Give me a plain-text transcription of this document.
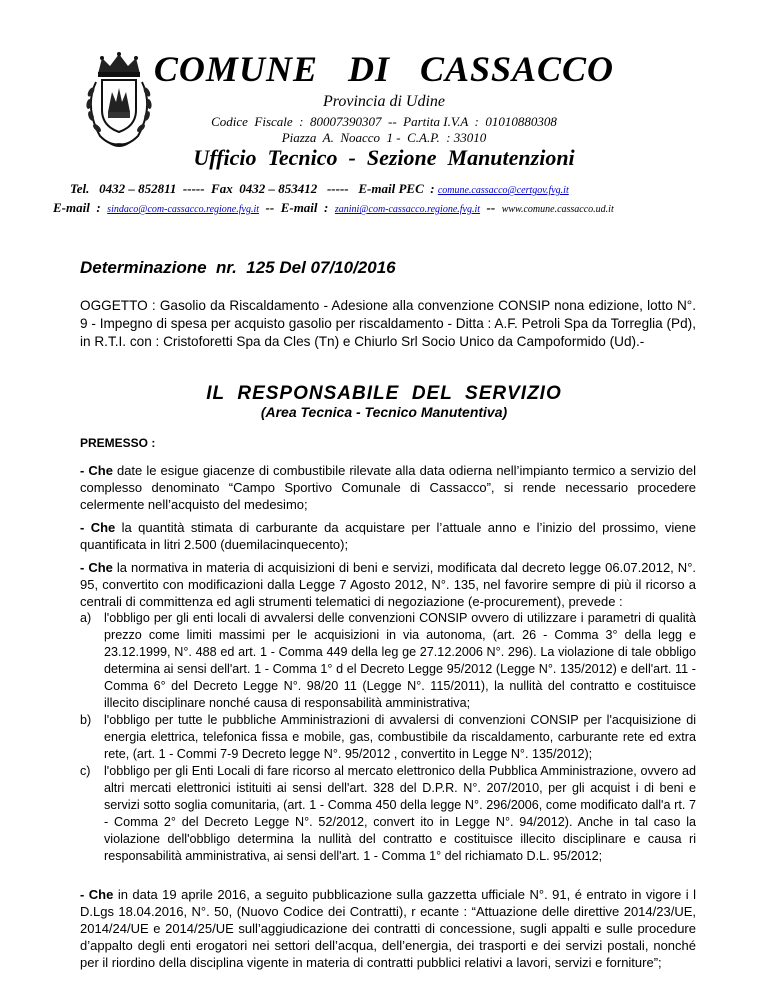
COMUNE   DI   CASSACCO
Provincia di Udine
Codice  Fiscale  :  80007390307  --  Partita I.V.A  :  01010880308
Piazza  A.  Noacco  1 -  C.A.P.  : 33010
Ufficio  Tecnico  -  Sezione  Manutenzioni
Tel.   0432 – 852811  -----  Fax  0432 – 853412   -----   E-mail PEC  : comune.cassacco@certgov.fvg.it
E-mail  :  sindaco@com-cassacco.regione.fvg.it  --  E-mail  :  zanini@com-cassacco.regione.fvg.it  --  www.comune.cassacco.ud.it
Determinazione  nr.  125 Del 07/10/2016
OGGETTO : Gasolio da Riscaldamento - Adesione alla convenzione CONSIP nona edizione, lotto N°. 9 - Impegno di spesa per acquisto gasolio per riscaldamento - Ditta : A.F. Petroli Spa da Torreglia (Pd), in R.T.I. con : Cristoforetti Spa da Cles (Tn) e Chiurlo Srl Socio Unico da Campoformido (Ud).-
IL  RESPONSABILE  DEL  SERVIZIO
(Area Tecnica - Tecnico Manutentiva)
PREMESSO :
- Che date le esigue giacenze di combustibile rilevate alla data odierna nell’impianto termico a servizio del complesso denominato “Campo Sportivo Comunale di Cassacco”, si rende necessario procedere celermente nell’acquisto del medesimo;
- Che la quantità stimata di carburante da acquistare per l’attuale anno e l’inizio del prossimo, viene quantificata in litri 2.500 (duemilacinquecento);
- Che la normativa in materia di acquisizioni di beni e servizi, modificata dal decreto legge 06.07.2012, N°. 95, convertito con modificazioni dalla Legge 7 Agosto 2012, N°. 135, nel favorire sempre di più il ricorso a centrali di committenza ed agli strumenti telematici di negoziazione (e-procurement), prevede :
a) l'obbligo per gli enti locali di avvalersi delle convenzioni CONSIP ovvero di utilizzare i parametri di qualità prezzo come limiti massimi per le acquisizioni in via autonoma, (art. 26 - Comma 3° della legg e 23.12.1999, N°. 488 ed art. 1 - Comma 449 della leg ge 27.12.2006 N°. 296). La violazione di tale obbligo determina ai sensi dell'art. 1 - Comma 1° d el Decreto Legge 95/2012 (Legge N°. 135/2012) e dell'art. 11 - Comma 6° del Decreto Legge N°. 98/20 11 (Legge N°. 115/2011), la nullità del contratto e costituisce illecito disciplinare nonché causa di responsabilità amministrativa;
b) l'obbligo per tutte le pubbliche Amministrazioni di avvalersi di convenzioni CONSIP per l'acquisizione di energia elettrica, telefonica fissa e mobile, gas, combustibile da riscaldamento, carburante rete ed extra rete, (art. 1 - Commi 7-9 Decreto legge N°. 95/2012 , convertito in Legge N°. 135/2012);
c) l'obbligo per gli Enti Locali di fare ricorso al mercato elettronico della Pubblica Amministrazione, ovvero ad altri mercati elettronici istituiti ai sensi dell'art. 328 del D.P.R. N°. 207/2010, per gli acquist i di beni e servizi sotto soglia comunitaria, (art. 1 - Comma 450 della legge N°. 296/2006, come modificato dall'a rt. 7 - Comma 2° del Decreto Legge N°. 52/2012, convert ito in Legge N°. 94/2012). Anche in tal caso la violazione dell'obbligo determina la nullità del contratto e costituisce illecito disciplinare e causa ri responsabilità amministrativa, ai sensi dell'art. 1 - Comma 1° del richiamato D.L. 95/2012;
- Che in data 19 aprile 2016, a seguito pubblicazione sulla gazzetta ufficiale N°. 91, é entrato in vigore i l D.Lgs 18.04.2016, N°. 50, (Nuovo Codice dei Contratti), r ecante : “Attuazione delle direttive 2014/23/UE, 2014/24/UE e 2014/25/UE sull’aggiudicazione dei contratti di concessione, sugli appalti e sulle procedure d’appalto degli enti erogatori nei settori dell’acqua, dell’energia, dei trasporti e dei servizi postali, nonché per il riordino della disciplina vigente in materia di contratti pubblici relativi a lavori, servizi e forniture”;
